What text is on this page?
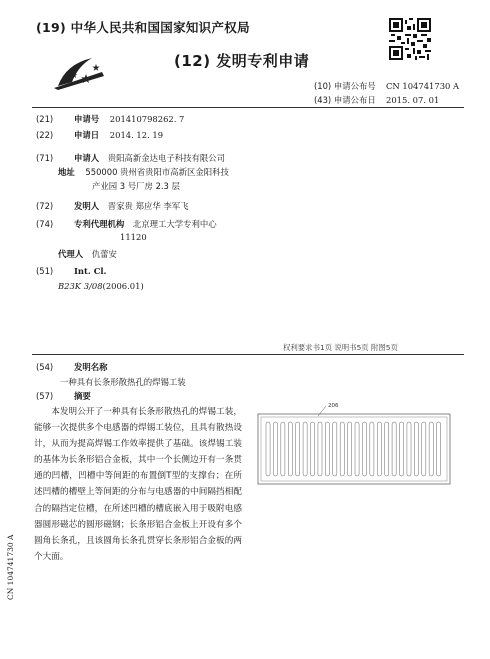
(19) 中华人民共和国国家知识产权局
(12) 发明专利申请
(10) 申请公布号 CN 104741730 A
(43) 申请公布日 2015. 07. 01
(21) 申请号 201410798262. 7
(22) 申请日 2014. 12. 19
(71) 申请人 贵阳高新金达电子科技有限公司
地址 550000 贵州省贵阳市高新区金阳科技
产业园 3 号厂房 2.3 层
(72) 发明人 晋家贵 郑应华 李军飞
(74) 专利代理机构 北京理工大学专利中心
11120
代理人 仇蕾安
(51) Int. Cl.
B23K 3/08(2006.01)
权利要求书1页 说明书5页 附图5页
(54) 发明名称
一种具有长条形散热孔的焊锡工装
(57) 摘要
本发明公开了一种具有长条形散热孔的焊锡工装，能够一次提供多个电感器的焊锡工装位，且具有散热设计，从而为提高焊锡工作效率提供了基础。该焊锡工装的基体为长条形铝合金板，其中一个长侧边开有一条贯通的凹槽，凹槽中等间距的布置倒T型的支撑台；在所述凹槽的槽壁上等间距的分布与电感器的中间隔挡相配合的隔挡定位槽，在所述凹槽的槽底嵌入用于吸附电感器圆形磁芯的圆形磁钢；长条形铝合金板上开设有多个圆角长条孔，且该圆角长条孔贯穿长条形铝合金板的两个大面。
206
CN 104741730 A
